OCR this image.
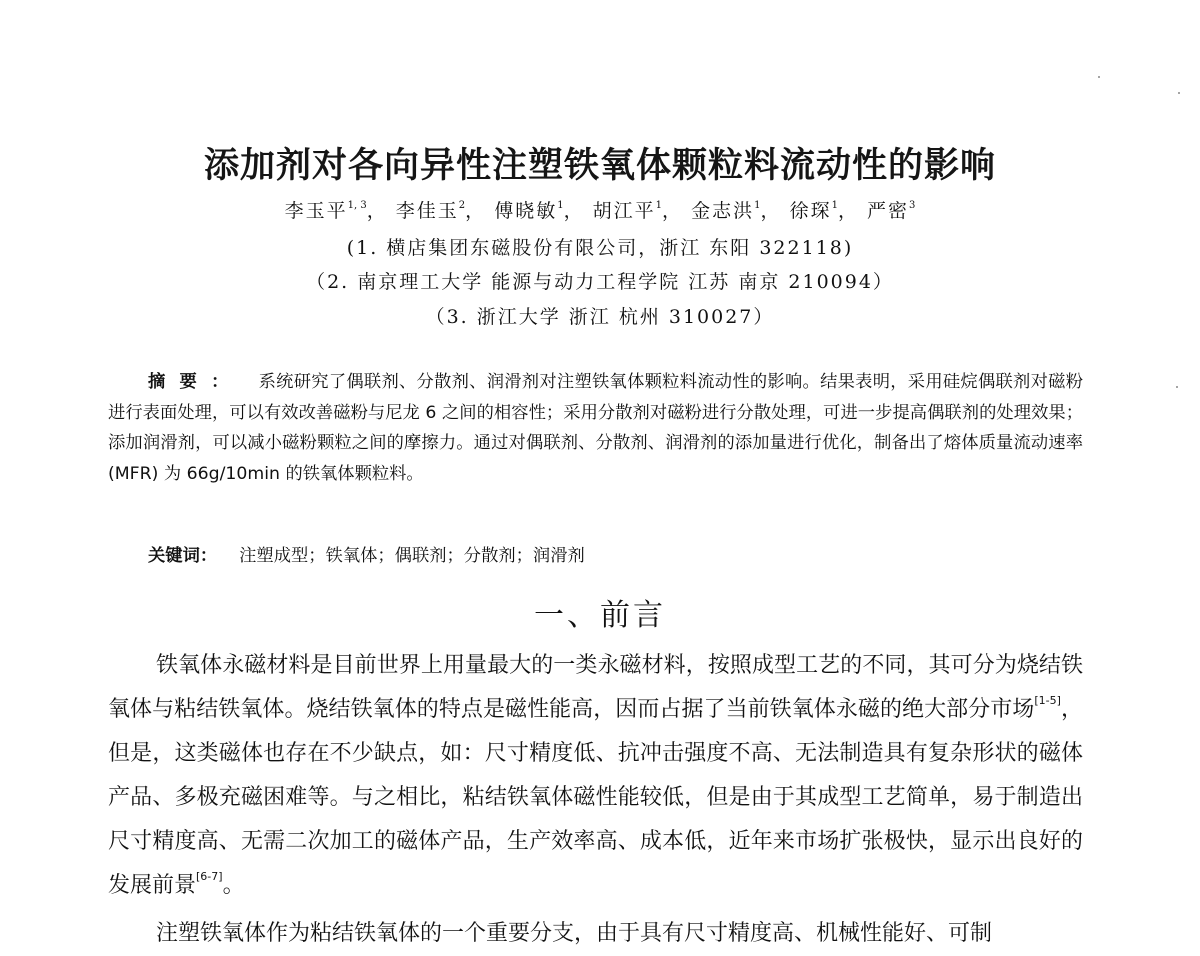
添加剂对各向异性注塑铁氧体颗粒料流动性的影响
李玉平$^{1, 3}$， 李佳玉$^2$， 傅晓敏$^1$， 胡江平$^1$， 金志洪$^1$， 徐琛$^1$， 严密$^3$
(1. 横店集团东磁股份有限公司，浙江 东阳 322118)
（2. 南京理工大学 能源与动力工程学院 江苏 南京 210094）
（3. 浙江大学 浙江 杭州 310027）
摘要： 系统研究了偶联剂、分散剂、润滑剂对注塑铁氧体颗粒料流动性的影响。结果表明，采用硅烷偶联剂对磁粉进行表面处理，可以有效改善磁粉与尼龙 6 之间的相容性；采用分散剂对磁粉进行分散处理，可进一步提高偶联剂的处理效果；添加润滑剂，可以减小磁粉颗粒之间的摩擦力。通过对偶联剂、分散剂、润滑剂的添加量进行优化，制备出了熔体质量流动速率 (MFR) 为 66g/10min 的铁氧体颗粒料。
关键词： 注塑成型；铁氧体；偶联剂；分散剂；润滑剂
一、前言

铁氧体永磁材料是目前世界上用量最大的一类永磁材料，按照成型工艺的不同，其可分为烧结铁氧体与粘结铁氧体。烧结铁氧体的特点是磁性能高，因而占据了当前铁氧体永磁的绝大部分市场[1-5]，但是，这类磁体也存在不少缺点，如：尺寸精度低、抗冲击强度不高、无法制造具有复杂形状的磁体产品、多极充磁困难等。与之相比，粘结铁氧体磁性能较低，但是由于其成型工艺简单，易于制造出尺寸精度高、无需二次加工的磁体产品，生产效率高、成本低，近年来市场扩张极快，显示出良好的发展前景[6-7]。

注塑铁氧体作为粘结铁氧体的一个重要分支，由于具有尺寸精度高、机械性能好、可制
